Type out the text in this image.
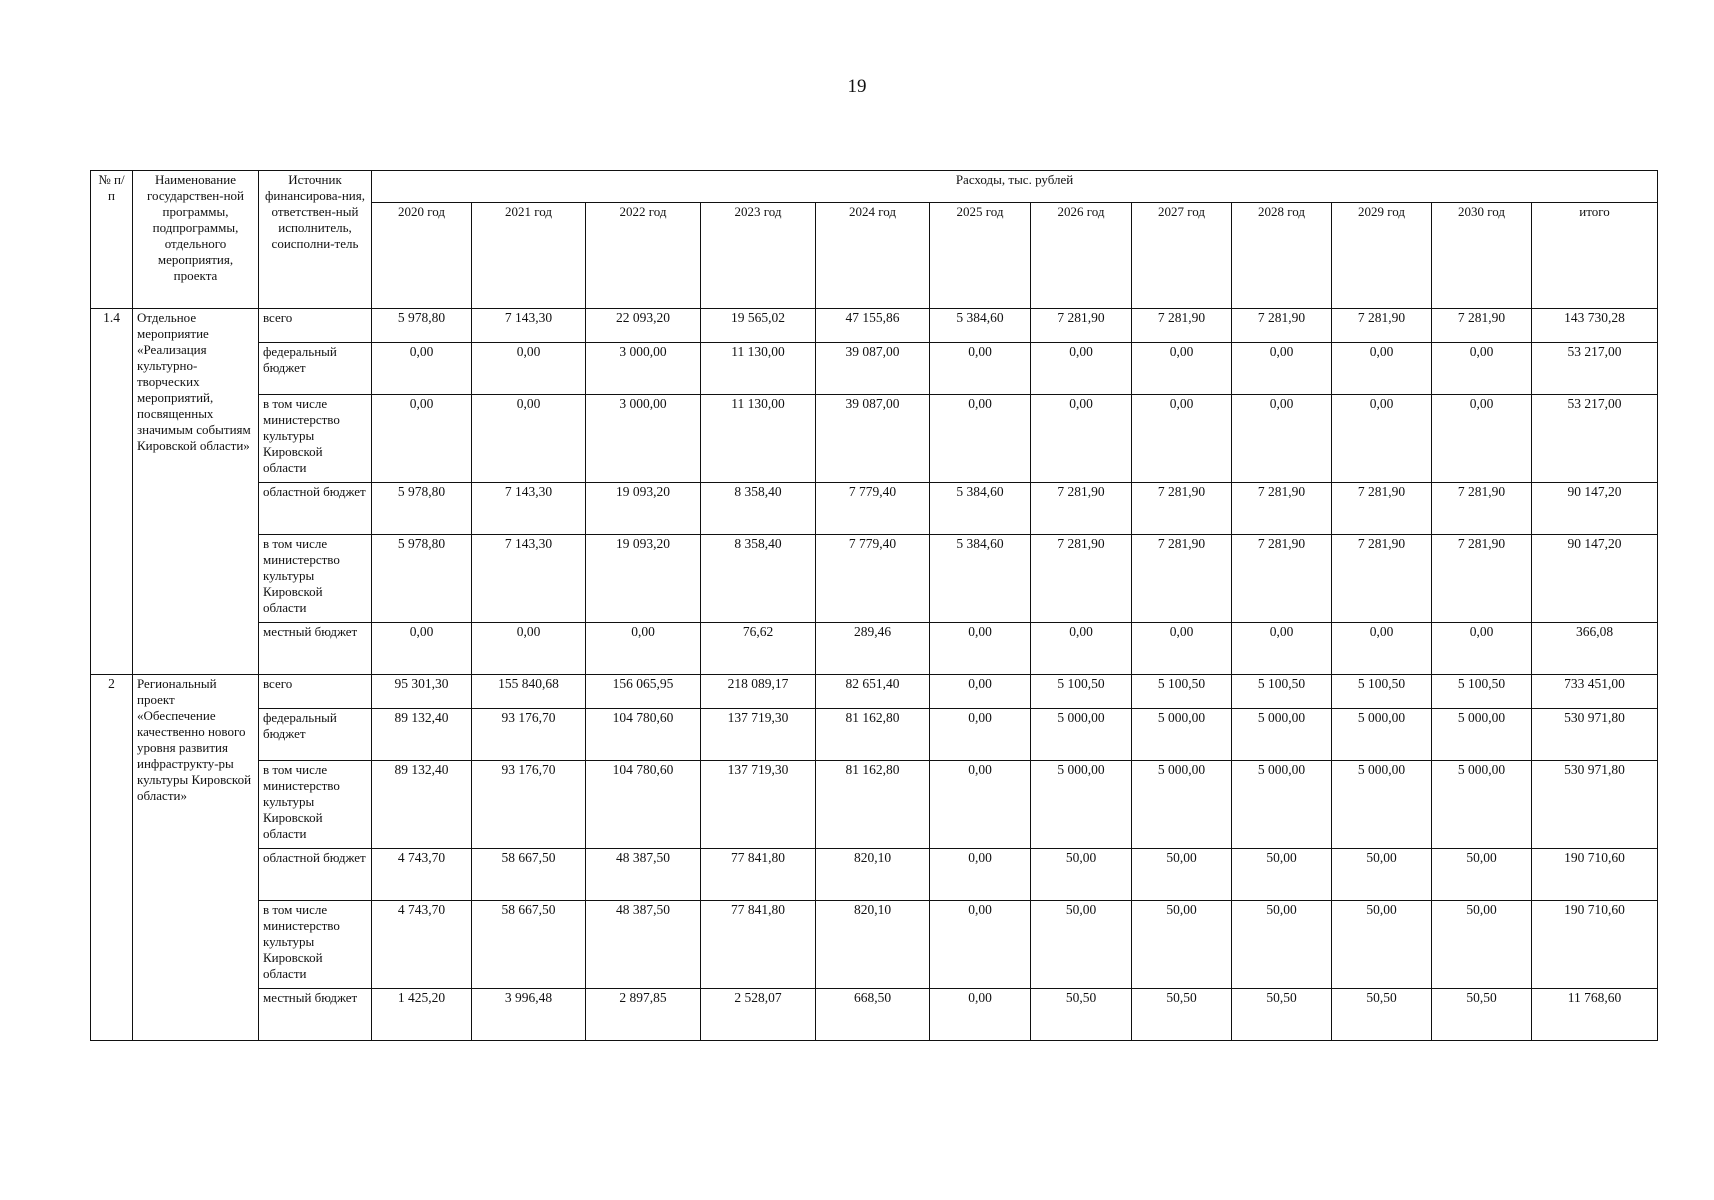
19
№ п/п	Наименование государствен-ной программы, подпрограммы, отдельного мероприятия, проекта	Источник финансирова-ния, ответствен-ный исполнитель, соисполни-тель	Расходы, тыс. рублей											
			2020 год	2021 год	2022 год	2023 год	2024 год	2025 год	2026 год	2027 год	2028 год	2029 год	2030 год	итого
1.4	Отдельное мероприятие «Реализация культурно-творческих мероприятий, посвященных значимым событиям Кировской области»	всего	5 978,80	7 143,30	22 093,20	19 565,02	47 155,86	5 384,60	7 281,90	7 281,90	7 281,90	7 281,90	7 281,90	143 730,28
		федеральный бюджет	0,00	0,00	3 000,00	11 130,00	39 087,00	0,00	0,00	0,00	0,00	0,00	0,00	53 217,00
		в том числе министерство культуры Кировской области	0,00	0,00	3 000,00	11 130,00	39 087,00	0,00	0,00	0,00	0,00	0,00	0,00	53 217,00
		областной бюджет	5 978,80	7 143,30	19 093,20	8 358,40	7 779,40	5 384,60	7 281,90	7 281,90	7 281,90	7 281,90	7 281,90	90 147,20
		в том числе министерство культуры Кировской области	5 978,80	7 143,30	19 093,20	8 358,40	7 779,40	5 384,60	7 281,90	7 281,90	7 281,90	7 281,90	7 281,90	90 147,20
		местный бюджет	0,00	0,00	0,00	76,62	289,46	0,00	0,00	0,00	0,00	0,00	0,00	366,08
2	Региональный проект «Обеспечение качественно нового уровня развития инфраструкту-ры культуры Кировской области»	всего	95 301,30	155 840,68	156 065,95	218 089,17	82 651,40	0,00	5 100,50	5 100,50	5 100,50	5 100,50	5 100,50	733 451,00
		федеральный бюджет	89 132,40	93 176,70	104 780,60	137 719,30	81 162,80	0,00	5 000,00	5 000,00	5 000,00	5 000,00	5 000,00	530 971,80
		в том числе министерство культуры Кировской области	89 132,40	93 176,70	104 780,60	137 719,30	81 162,80	0,00	5 000,00	5 000,00	5 000,00	5 000,00	5 000,00	530 971,80
		областной бюджет	4 743,70	58 667,50	48 387,50	77 841,80	820,10	0,00	50,00	50,00	50,00	50,00	50,00	190 710,60
		в том числе министерство культуры Кировской области	4 743,70	58 667,50	48 387,50	77 841,80	820,10	0,00	50,00	50,00	50,00	50,00	50,00	190 710,60
		местный бюджет	1 425,20	3 996,48	2 897,85	2 528,07	668,50	0,00	50,50	50,50	50,50	50,50	50,50	11 768,60
